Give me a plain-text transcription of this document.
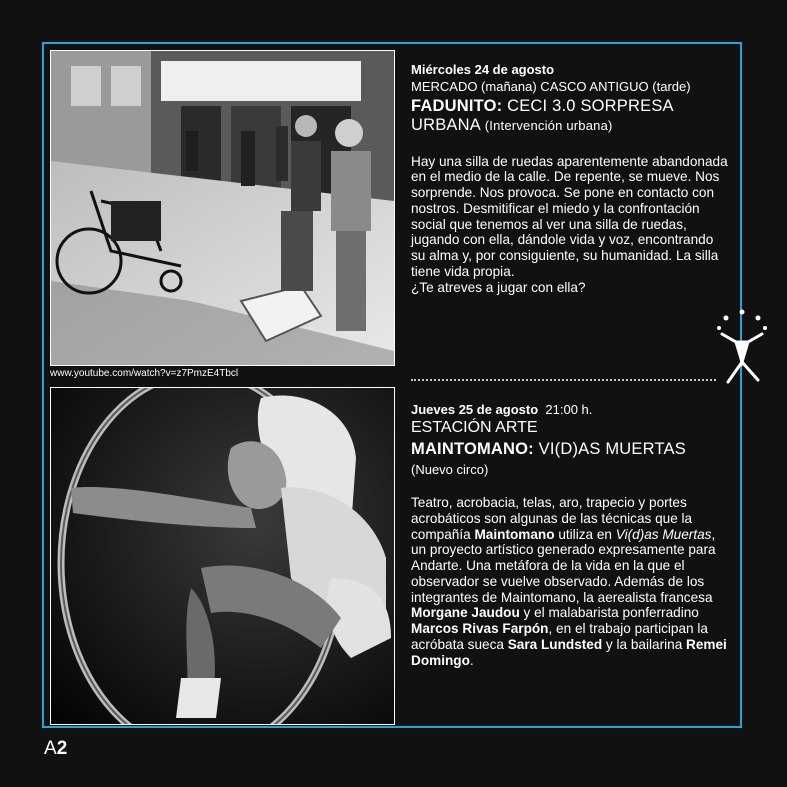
www.youtube.com/watch?v=z7PmzE4Tbcl
Miércoles 24 de agosto
MERCADO (mañana) CASCO ANTIGUO (tarde)
FADUNITO: CECI 3.0 SORPRESA URBANA (Intervención urbana)
Hay una silla de ruedas aparentemente abandonada en el medio de la calle. De repente, se mueve. Nos sorprende. Nos provoca. Se pone en contacto con nostros. Desmitificar el miedo y la confrontación social que tenemos al ver una silla de ruedas, jugando con ella, dándole vida y voz, encontrando su alma y, por consiguiente, su humanidad. La silla tiene vida propia.
¿Te atreves a jugar con ella?
Jueves 25 de agosto 21:00 h.
ESTACIÓN ARTE
MAINTOMANO: VI(D)AS MUERTAS
(Nuevo circo)
Teatro, acrobacia, telas, aro, trapecio y portes acrobáticos son algunas de las técnicas que la compañía Maintomano utiliza en Vi(d)as Muertas, un proyecto artístico generado expresamente para Andarte. Una metáfora de la vida en la que el observador se vuelve observado. Además de los integrantes de Maintomano, la aerealista francesa Morgane Jaudou y el malabarista ponferradino Marcos Rivas Farpón, en el trabajo participan la acróbata sueca Sara Lundsted y la bailarina Remei Domingo.
A2
